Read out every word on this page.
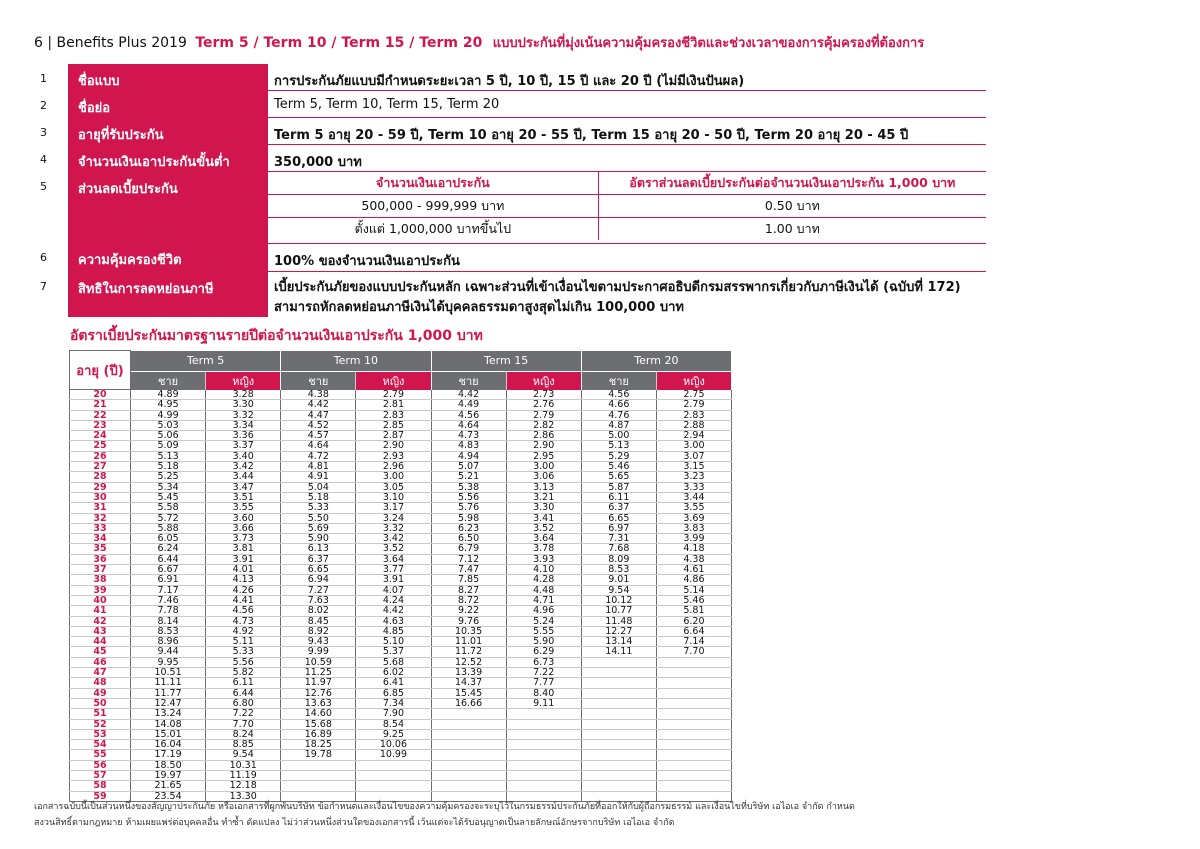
6 | Benefits Plus 2019 Term 5 / Term 10 / Term 15 / Term 20 แบบประกันที่มุ่งเน้นความคุ้มครองชีวิตและช่วงเวลาของการคุ้มครองที่ต้องการ
1	ชื่อแบบ	การประกันภัยแบบมีกำหนดระยะเวลา 5 ปี, 10 ปี, 15 ปี และ 20 ปี (ไม่มีเงินปันผล)
2	ชื่อย่อ	Term 5, Term 10, Term 15, Term 20
3	อายุที่รับประกัน	Term 5 อายุ 20 - 59 ปี, Term 10 อายุ 20 - 55 ปี, Term 15 อายุ 20 - 50 ปี, Term 20 อายุ 20 - 45 ปี
4	จำนวนเงินเอาประกันขั้นต่ำ	350,000 บาท
5	ส่วนลดเบี้ยประกัน	จำนวนเงินเอาประกัน	อัตราส่วนลดเบี้ยประกันต่อจำนวนเงินเอาประกัน 1,000 บาท
500,000 - 999,999 บาท	0.50 บาท
ตั้งแต่ 1,000,000 บาทขึ้นไป	1.00 บาท
6	ความคุ้มครองชีวิต	100% ของจำนวนเงินเอาประกัน
7	สิทธิในการลดหย่อนภาษี	เบี้ยประกันภัยของแบบประกันหลัก เฉพาะส่วนที่เข้าเงื่อนไขตามประกาศอธิบดีกรมสรรพากรเกี่ยวกับภาษีเงินได้ (ฉบับที่ 172)
สามารถหักลดหย่อนภาษีเงินได้บุคคลธรรมดาสูงสุดไม่เกิน 100,000 บาท
อัตราเบี้ยประกันมาตรฐานรายปีต่อจำนวนเงินเอาประกัน 1,000 บาท
อายุ (ปี)	Term 5		Term 10		Term 15		Term 20	
	ชาย	หญิง	ชาย	หญิง	ชาย	หญิง	ชาย	หญิง
20	4.89	3.28	4.38	2.79	4.42	2.73	4.56	2.75
21	4.95	3.30	4.42	2.81	4.49	2.76	4.66	2.79
22	4.99	3.32	4.47	2.83	4.56	2.79	4.76	2.83
23	5.03	3.34	4.52	2.85	4.64	2.82	4.87	2.88
24	5.06	3.36	4.57	2.87	4.73	2.86	5.00	2.94
25	5.09	3.37	4.64	2.90	4.83	2.90	5.13	3.00
26	5.13	3.40	4.72	2.93	4.94	2.95	5.29	3.07
27	5.18	3.42	4.81	2.96	5.07	3.00	5.46	3.15
28	5.25	3.44	4.91	3.00	5.21	3.06	5.65	3.23
29	5.34	3.47	5.04	3.05	5.38	3.13	5.87	3.33
30	5.45	3.51	5.18	3.10	5.56	3.21	6.11	3.44
31	5.58	3.55	5.33	3.17	5.76	3.30	6.37	3.55
32	5.72	3.60	5.50	3.24	5.98	3.41	6.65	3.69
33	5.88	3.66	5.69	3.32	6.23	3.52	6.97	3.83
34	6.05	3.73	5.90	3.42	6.50	3.64	7.31	3.99
35	6.24	3.81	6.13	3.52	6.79	3.78	7.68	4.18
36	6.44	3.91	6.37	3.64	7.12	3.93	8.09	4.38
37	6.67	4.01	6.65	3.77	7.47	4.10	8.53	4.61
38	6.91	4.13	6.94	3.91	7.85	4.28	9.01	4.86
39	7.17	4.26	7.27	4.07	8.27	4.48	9.54	5.14
40	7.46	4.41	7.63	4.24	8.72	4.71	10.12	5.46
41	7.78	4.56	8.02	4.42	9.22	4.96	10.77	5.81
42	8.14	4.73	8.45	4.63	9.76	5.24	11.48	6.20
43	8.53	4.92	8.92	4.85	10.35	5.55	12.27	6.64
44	8.96	5.11	9.43	5.10	11.01	5.90	13.14	7.14
45	9.44	5.33	9.99	5.37	11.72	6.29	14.11	7.70
46	9.95	5.56	10.59	5.68	12.52	6.73		
47	10.51	5.82	11.25	6.02	13.39	7.22		
48	11.11	6.11	11.97	6.41	14.37	7.77		
49	11.77	6.44	12.76	6.85	15.45	8.40		
50	12.47	6.80	13.63	7.34	16.66	9.11		
51	13.24	7.22	14.60	7.90				
52	14.08	7.70	15.68	8.54				
53	15.01	8.24	16.89	9.25				
54	16.04	8.85	18.25	10.06				
55	17.19	9.54	19.78	10.99				
56	18.50	10.31						
57	19.97	11.19						
58	21.65	12.18						
59	23.54	13.30						
เอกสารฉบับนี้เป็นส่วนหนึ่งของสัญญาประกันภัย หรือเอกสารที่ผูกพันบริษัท ข้อกำหนดและเงื่อนไขของความคุ้มครองจะระบุไว้ในกรมธรรม์ประกันภัยที่ออกให้กับผู้ถือกรมธรรม์ และเงื่อนไขที่บริษัท เอไอเอ จำกัด กำหนด
สงวนสิทธิ์ตามกฎหมาย ห้ามเผยแพร่ต่อบุคคลอื่น ทำซ้ำ ดัดแปลง ไม่ว่าส่วนหนึ่งส่วนใดของเอกสารนี้ เว้นแต่จะได้รับอนุญาตเป็นลายลักษณ์อักษรจากบริษัท เอไอเอ จำกัด
